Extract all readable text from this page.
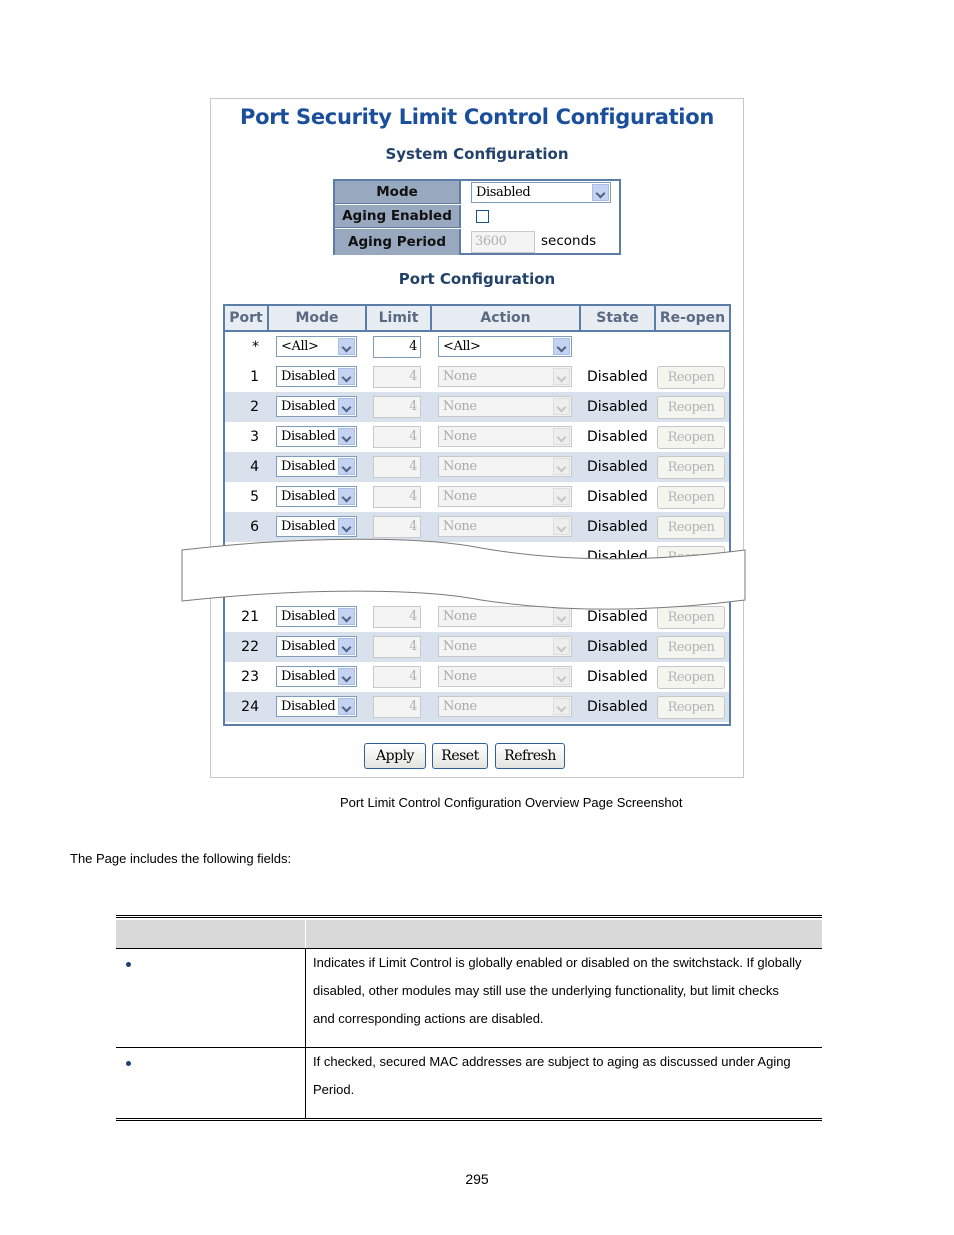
Port Security Limit Control Configuration
System Configuration
Mode	Disabled
Aging Enabled
Aging Period	3600	seconds
Port Configuration
Port	Mode	Limit	Action	State	Re-open
*	<All>	4	<All>
1	Disabled	4	None	Disabled	Reopen
2	Disabled	4	None	Disabled	Reopen
3	Disabled	4	None	Disabled	Reopen
4	Disabled	4	None	Disabled	Reopen
5	Disabled	4	None	Disabled	Reopen
6	Disabled	4	None	Disabled	Reopen
Disabled
21	Disabled	4	None	Disabled	Reopen
22	Disabled	4	None	Disabled	Reopen
23	Disabled	4	None	Disabled	Reopen
24	Disabled	4	None	Disabled	Reopen
Apply	Reset	Refresh
Port Limit Control Configuration Overview Page Screenshot
The Page includes the following fields:
Indicates if Limit Control is globally enabled or disabled on the switchstack. If globally disabled, other modules may still use the underlying functionality, but limit checks and corresponding actions are disabled.
If checked, secured MAC addresses are subject to aging as discussed under Aging Period.
295
